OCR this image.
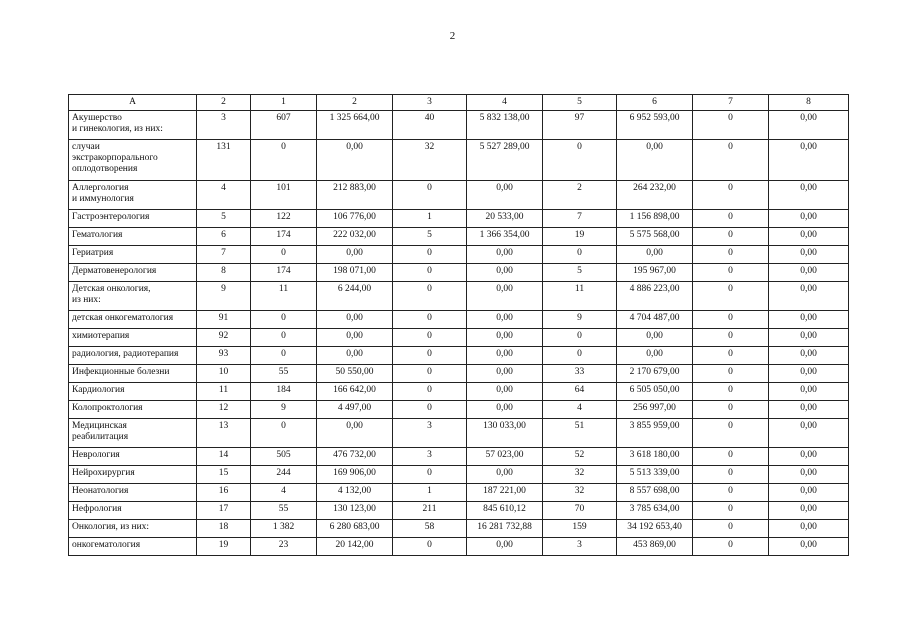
2
А	2	1	2	3	4	5	6	7	8
Акушерство
и гинекология, из них:	3	607	1 325 664,00	40	5 832 138,00	97	6 952 593,00	0	0,00
случаи
экстракорпорального
оплодотворения	131	0	0,00	32	5 527 289,00	0	0,00	0	0,00
Аллергология
и иммунология	4	101	212 883,00	0	0,00	2	264 232,00	0	0,00
Гастроэнтерология	5	122	106 776,00	1	20 533,00	7	1 156 898,00	0	0,00
Гематология	6	174	222 032,00	5	1 366 354,00	19	5 575 568,00	0	0,00
Гериатрия	7	0	0,00	0	0,00	0	0,00	0	0,00
Дерматовенерология	8	174	198 071,00	0	0,00	5	195 967,00	0	0,00
Детская онкология,
из них:	9	11	6 244,00	0	0,00	11	4 886 223,00	0	0,00
детская онкогематология	91	0	0,00	0	0,00	9	4 704 487,00	0	0,00
химиотерапия	92	0	0,00	0	0,00	0	0,00	0	0,00
радиология, радиотерапия	93	0	0,00	0	0,00	0	0,00	0	0,00
Инфекционные болезни	10	55	50 550,00	0	0,00	33	2 170 679,00	0	0,00
Кардиология	11	184	166 642,00	0	0,00	64	6 505 050,00	0	0,00
Колопроктология	12	9	4 497,00	0	0,00	4	256 997,00	0	0,00
Медицинская
реабилитация	13	0	0,00	3	130 033,00	51	3 855 959,00	0	0,00
Неврология	14	505	476 732,00	3	57 023,00	52	3 618 180,00	0	0,00
Нейрохирургия	15	244	169 906,00	0	0,00	32	5 513 339,00	0	0,00
Неонатология	16	4	4 132,00	1	187 221,00	32	8 557 698,00	0	0,00
Нефрология	17	55	130 123,00	211	845 610,12	70	3 785 634,00	0	0,00
Онкология, из них:	18	1 382	6 280 683,00	58	16 281 732,88	159	34 192 653,40	0	0,00
онкогематология	19	23	20 142,00	0	0,00	3	453 869,00	0	0,00
